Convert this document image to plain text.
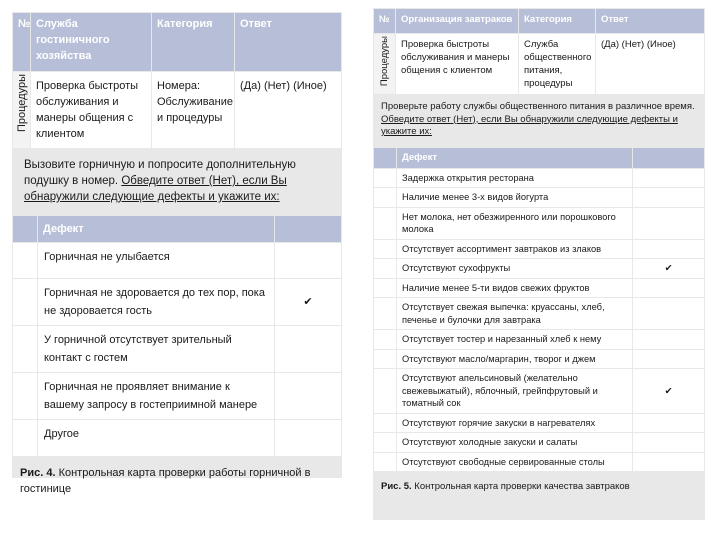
№	Служба гостиничного хозяйства	Категория	Ответ
Процедуры	Проверка быстроты обслуживания и манеры общения с клиентом	Номера: Обслуживание и процедуры	(Да) (Нет) (Иное)
Вызовите горничную и попросите дополнительную подушку в номер. Обведите ответ (Нет), если Вы обнаружили следующие дефекты и укажите их:
	Дефект	
	Горничная не улыбается	
	Горничная не здоровается до тех пор, пока не здоровается гость	✔
	У горничной отсутствует зрительный контакт с гостем	
	Горничная не проявляет внимание к вашему запросу в гостеприимной манере	
	Другое	
Рис. 4. Контрольная карта проверки работы горничной в гостинице
№	Организация завтраков	Категория	Ответ
Процедуры	Проверка быстроты обслуживания и манеры общения с клиентом	Служба общественного питания, процедуры	(Да) (Нет) (Иное)
Проверьте работу службы общественного питания в различное время. Обведите ответ (Нет), если Вы обнаружили следующие дефекты и укажите их:
	Дефект	
	Задержка открытия ресторана	
	Наличие менее 3-х видов йогурта	
	Нет молока, нет обезжиренного или порошкового молока	
	Отсутствует ассортимент завтраков из злаков	
	Отсутствуют сухофрукты	✔
	Наличие менее 5-ти видов свежих фруктов	
	Отсутствует свежая выпечка: круассаны, хлеб, печенье и булочки для завтрака	
	Отсутствует тостер и нарезанный хлеб к нему	
	Отсутствуют масло/маргарин, творог и джем	
	Отсутствуют апельсиновый (желательно свежевыжатый), яблочный, грейпфрутовый и томатный сок	✔
	Отсутствуют горячие закуски в нагревателях	
	Отсутствуют холодные закуски и салаты	
	Отсутствуют свободные сервированные столы	
Рис. 5. Контрольная карта проверки качества завтраков
